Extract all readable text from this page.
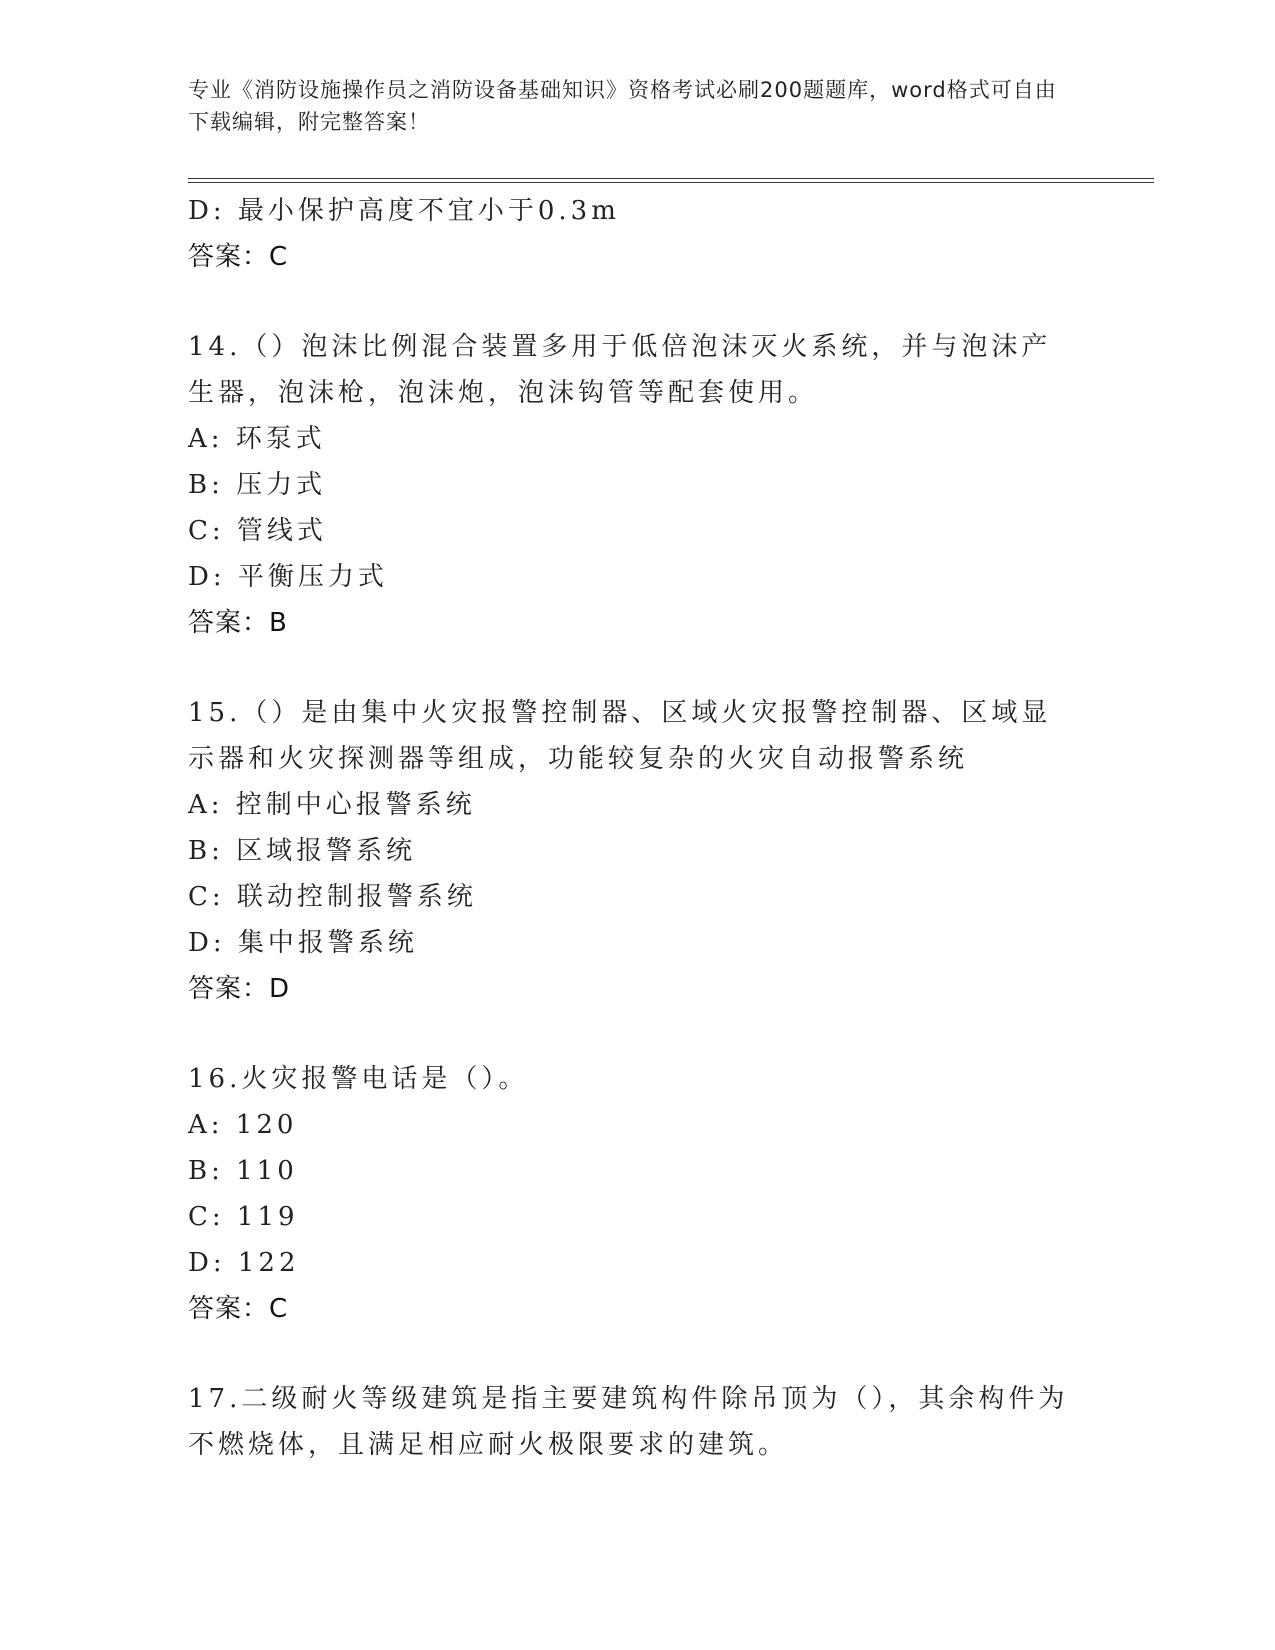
专业《消防设施操作员之消防设备基础知识》资格考试必刷200题题库，word格式可自由下载编辑，附完整答案！
D: 最小保护高度不宜小于0.3m
答案：C
14.（）泡沫比例混合装置多用于低倍泡沫灭火系统，并与泡沫产生器，泡沫枪，泡沫炮，泡沫钩管等配套使用。
A: 环泵式
B: 压力式
C: 管线式
D: 平衡压力式
答案：B
15.（）是由集中火灾报警控制器、区域火灾报警控制器、区域显示器和火灾探测器等组成，功能较复杂的火灾自动报警系统
A: 控制中心报警系统
B: 区域报警系统
C: 联动控制报警系统
D: 集中报警系统
答案：D
16.火灾报警电话是（）。
A: 120
B: 110
C: 119
D: 122
答案：C
17.二级耐火等级建筑是指主要建筑构件除吊顶为（），其余构件为不燃烧体，且满足相应耐火极限要求的建筑。
